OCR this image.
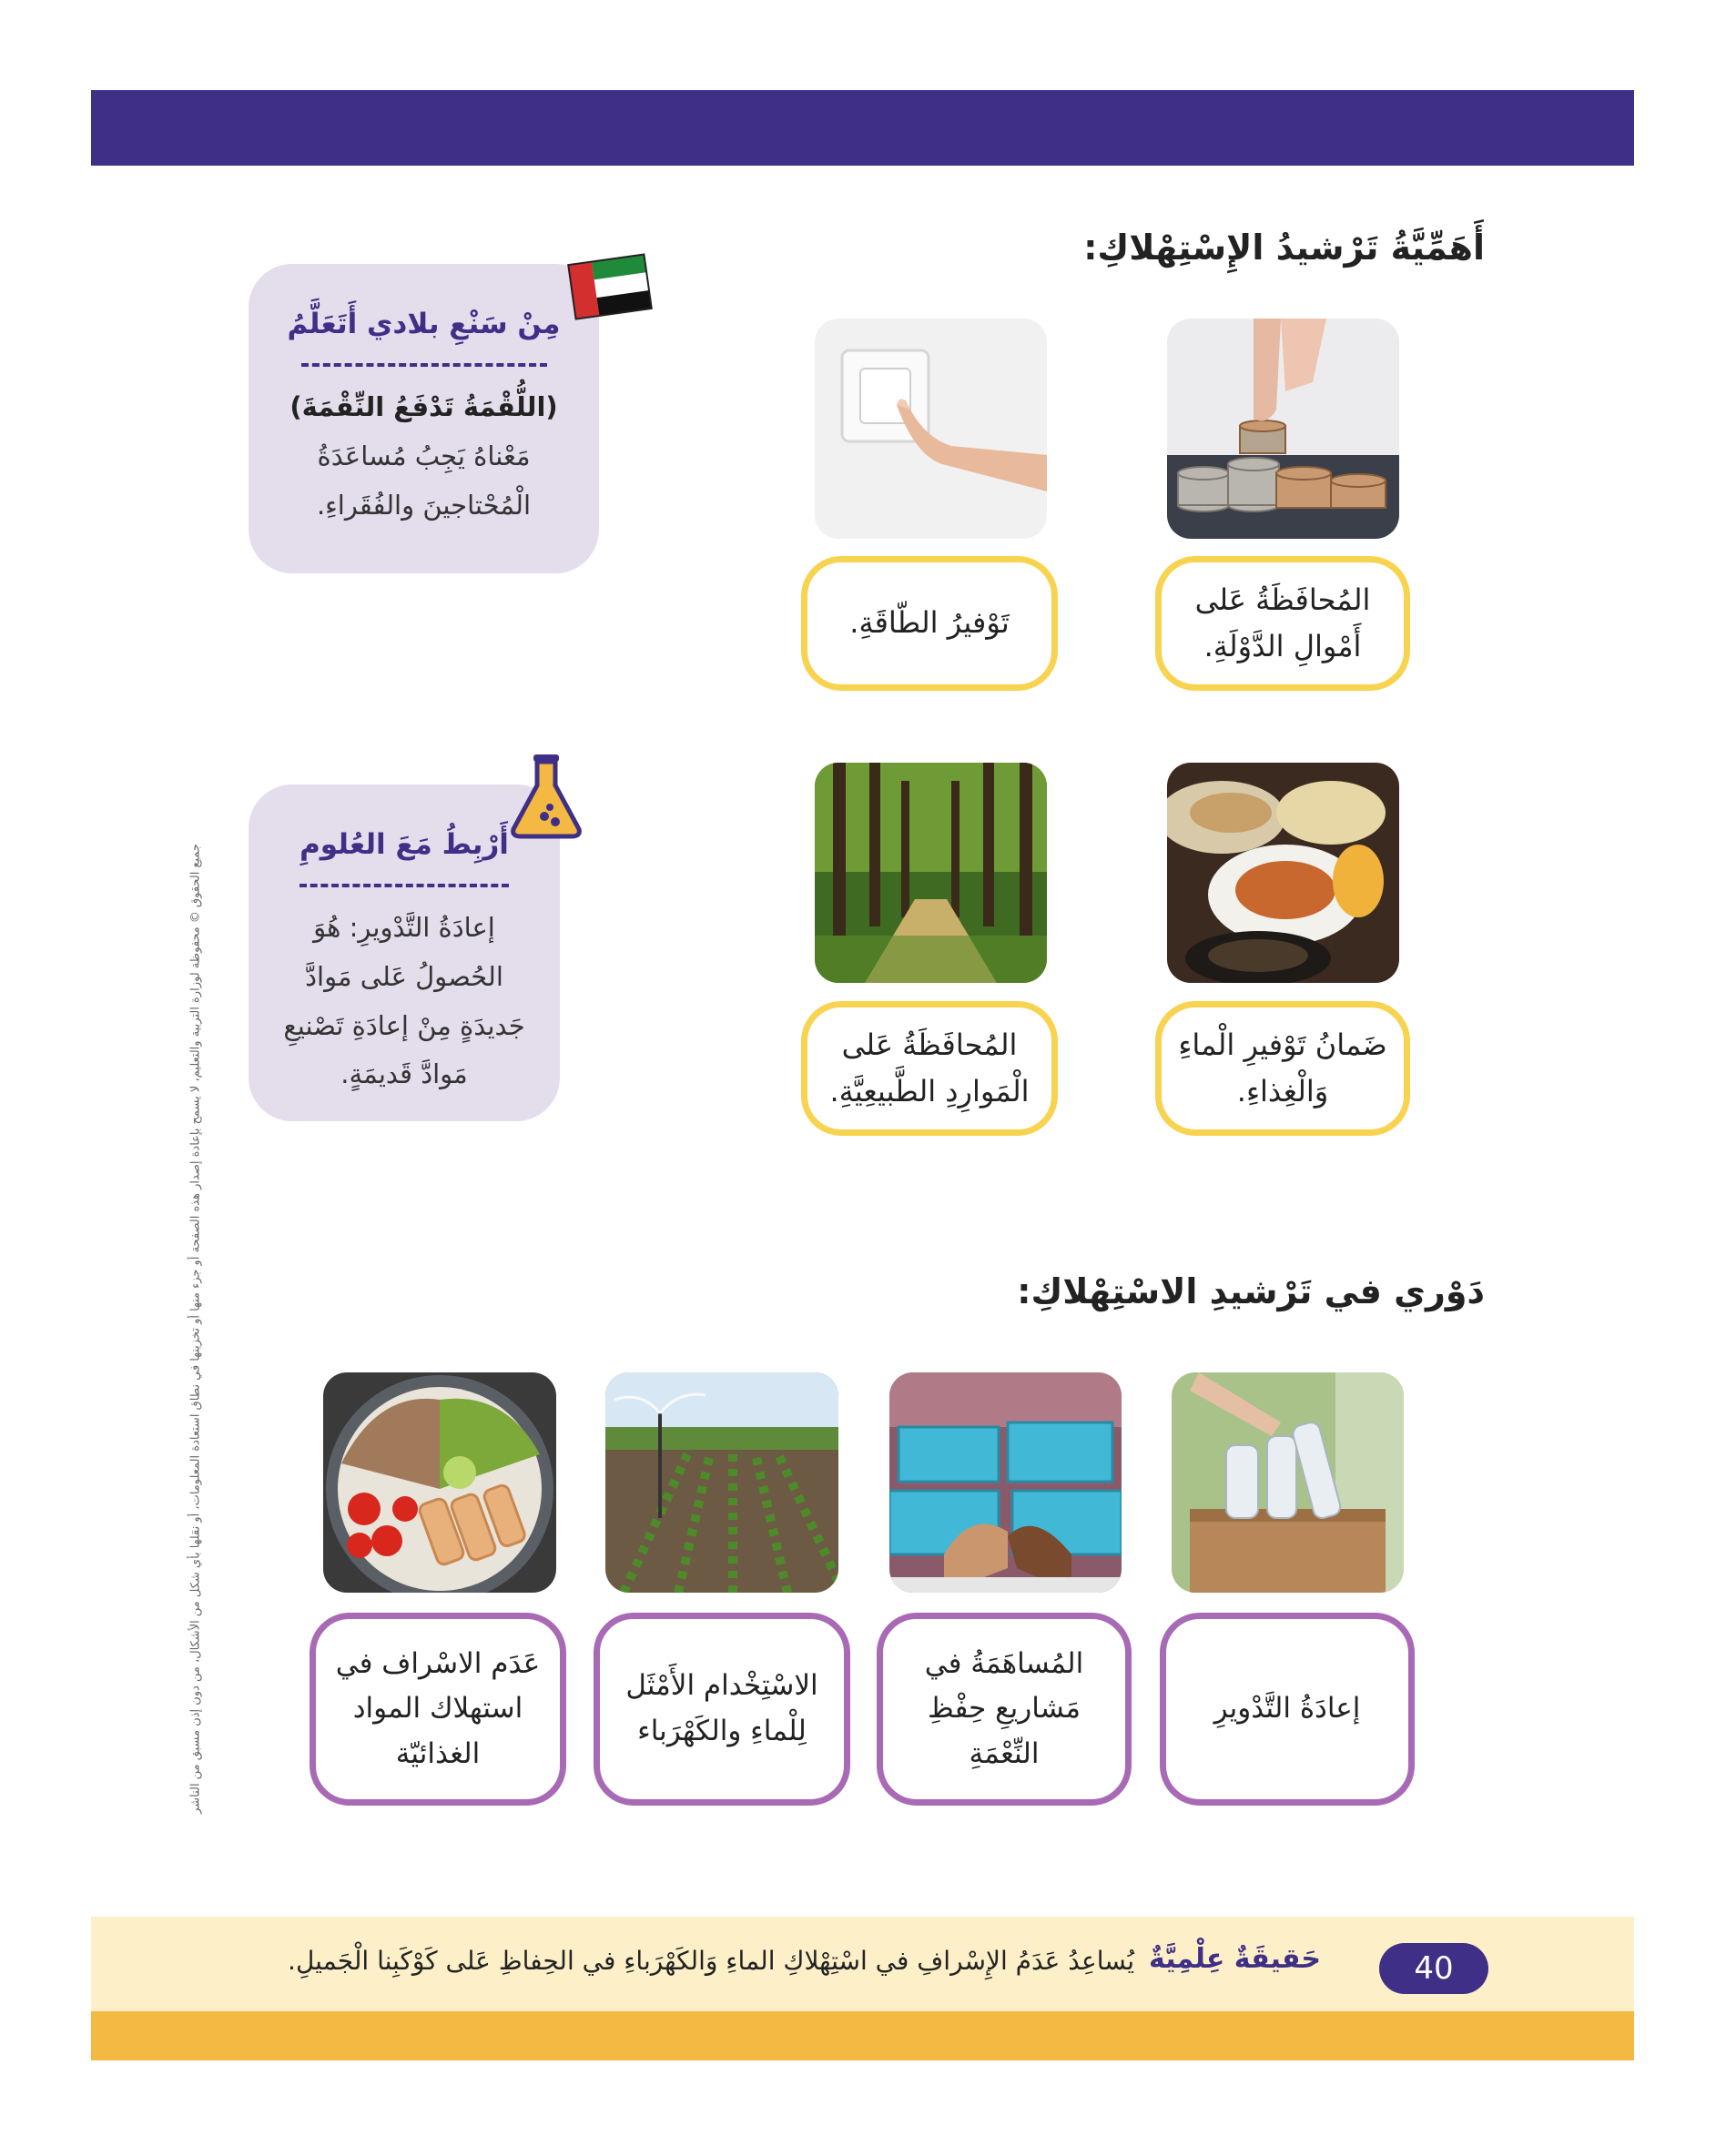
أَهَمِّيَّةُ تَرْشيدُ الإِسْتِهْلاكِ:
المُحافَظَةُ عَلى أَمْوالِ الدَّوْلَةِ.
تَوْفيرُ الطّاقَةِ.
ضَمانُ تَوْفيرِ الْماءِ وَالْغِذاءِ.
المُحافَظَةُ عَلى الْمَوارِدِ الطَّبيعِيَّةِ.
مِنْ سَنْعِ بلادي أَتَعَلَّمُ
(اللُّقْمَةُ تَدْفَعُ النِّقْمَةَ)
مَعْناهُ يَجِبُ مُساعَدَةُ الْمُحْتاجينَ والفُقَراءِ.
أَرْبِطُ مَعَ العُلومِ
إعادَةُ التَّدْويرِ: هُوَ الحُصولُ عَلى مَوادَّ جَديدَةٍ مِنْ إعادَةِ تَصْنيعِ مَوادَّ قَديمَةٍ.
دَوْري في تَرْشيدِ الاسْتِهْلاكِ:
إعادَةُ التَّدْويرِ
المُساهَمَةُ في مَشاريعِ حِفْظِ النِّعْمَةِ
الاسْتِخْدام الأَمْثَل لِلْماءِ والكَهْرَباء
عَدَم الاسْراف في استهلاك المواد الغذائيّة
جميع الحقوق © محفوظة لوزارة التربية والتعليم، لا يسمح بإعادة إصدار هذه الصفحة أو جزء منها أو تخزينها في نطاق استعادة المعلومات، أو نقلها بأي شكل من الأشكال، من دون إذن مسبق من الناشر
40
حَقيقَةٌ عِلْمِيَّةٌ
يُساعِدُ عَدَمُ الإِسْرافِ في اسْتِهْلاكِ الماءِ وَالكَهْرَباءِ في الحِفاظِ عَلى كَوْكَبِنا الْجَميلِ.
